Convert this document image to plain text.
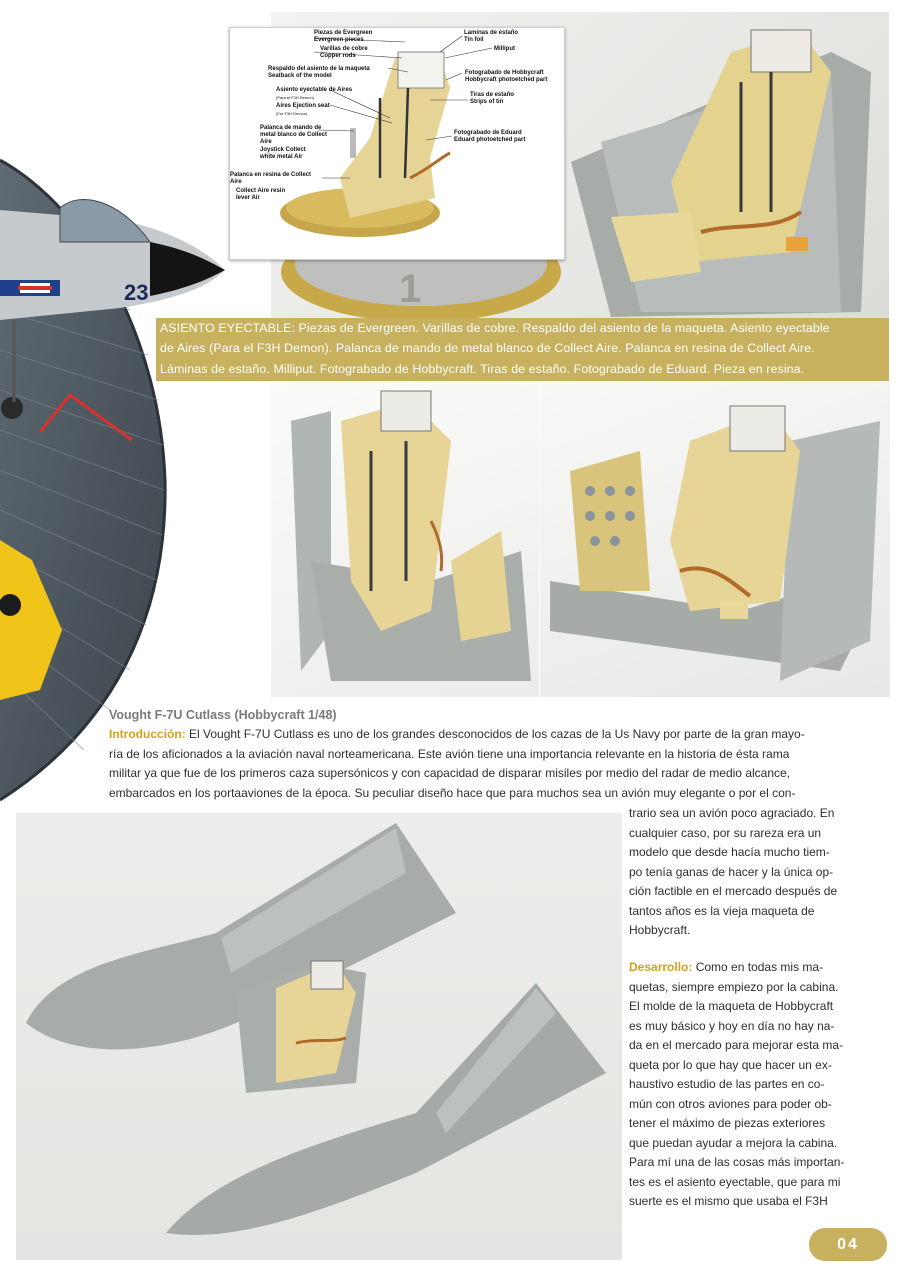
23	1
Piezas de Evergreen
Evergreen pieces
Varillas de cobre
Copper rods
Respaldo del asiento de la maqueta
Seatback of the model
Asiento eyectable de Aires
(Para el F3H Demon)
Aires Ejection seat
(For F3H Demon)
Palanca de mando de metal blanco de Collect Aire
Joystick Collect
white metal Air
Palanca en resina de Collect Aire
Collect Aire resin
lever Air
Laminas de estaño
Tin foil
Milliput
Fotograbado de Hobbycraft
Hobbycraft photoetched part
Tiras de estaño
Strips of tin
Fotograbado de Eduard
Eduard photoetched part
ASIENTO EYECTABLE: Piezas de Evergreen. Varillas de cobre. Respaldo del asiento de la maqueta. Asiento eyectable
de Aires (Para el F3H Demon). Palanca de mando de metal blanco de Collect Aire. Palanca en resina de Collect Aire.
Láminas de estaño. Milliput. Fotograbado de Hobbycraft. Tiras de estaño. Fotograbado de Eduard. Pieza en resina.
Vought F-7U Cutlass (Hobbycraft 1/48)
Introducción: El Vought F-7U Cutlass es uno de los grandes desconocidos de los cazas de la Us Navy por parte de la gran mayo-
ría de los aficionados a la aviación naval norteamericana. Este avión tiene una importancia relevante en la historia de ésta rama
militar ya que fue de los primeros caza supersónicos y con capacidad de disparar misiles por medio del radar de medio alcance,
embarcados en los portaaviones de la época. Su peculiar diseño hace que para muchos sea un avión muy elegante o por el con-
trario sea un avión poco agraciado. En
cualquier caso, por su rareza era un
modelo que desde hacía mucho tiem-
po tenía ganas de hacer y la única op-
ción factible en el mercado después de
tantos años es la vieja maqueta de
Hobbycraft.
Desarrollo: Como en todas mis ma-
quetas, siempre empiezo por la cabina.
El molde de la maqueta de Hobbycraft
es muy básico y hoy en día no hay na-
da en el mercado para mejorar esta ma-
queta por lo que hay que hacer un ex-
haustivo estudio de las partes en co-
mún con otros aviones para poder ob-
tener el máximo de piezas exteriores
que puedan ayudar a mejora la cabina.
Para mí una de las cosas más importan-
tes es el asiento eyectable, que para mi
suerte es el mismo que usaba el F3H
04
